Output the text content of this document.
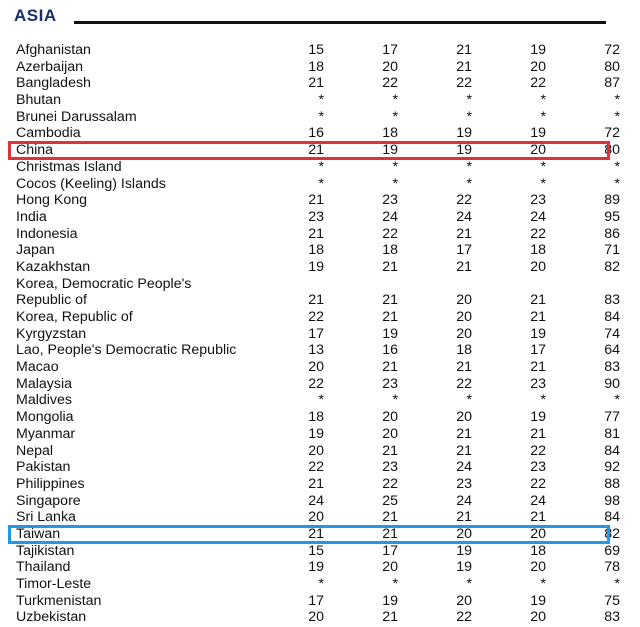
ASIA
Afghanistan	15	17	21	19	72
Azerbaijan	18	20	21	20	80
Bangladesh	21	22	22	22	87
Bhutan	*	*	*	*	*
Brunei Darussalam	*	*	*	*	*
Cambodia	16	18	19	19	72
China	21	19	19	20	80
Christmas Island	*	*	*	*	*
Cocos (Keeling) Islands	*	*	*	*	*
Hong Kong	21	23	22	23	89
India	23	24	24	24	95
Indonesia	21	22	21	22	86
Japan	18	18	17	18	71
Kazakhstan	19	21	21	20	82
Korea, Democratic People's
Republic of	21	21	20	21	83
Korea, Republic of	22	21	20	21	84
Kyrgyzstan	17	19	20	19	74
Lao, People's Democratic Republic	13	16	18	17	64
Macao	20	21	21	21	83
Malaysia	22	23	22	23	90
Maldives	*	*	*	*	*
Mongolia	18	20	20	19	77
Myanmar	19	20	21	21	81
Nepal	20	21	21	22	84
Pakistan	22	23	24	23	92
Philippines	21	22	23	22	88
Singapore	24	25	24	24	98
Sri Lanka	20	21	21	21	84
Taiwan	21	21	20	20	82
Tajikistan	15	17	19	18	69
Thailand	19	20	19	20	78
Timor-Leste	*	*	*	*	*
Turkmenistan	17	19	20	19	75
Uzbekistan	20	21	22	20	83
